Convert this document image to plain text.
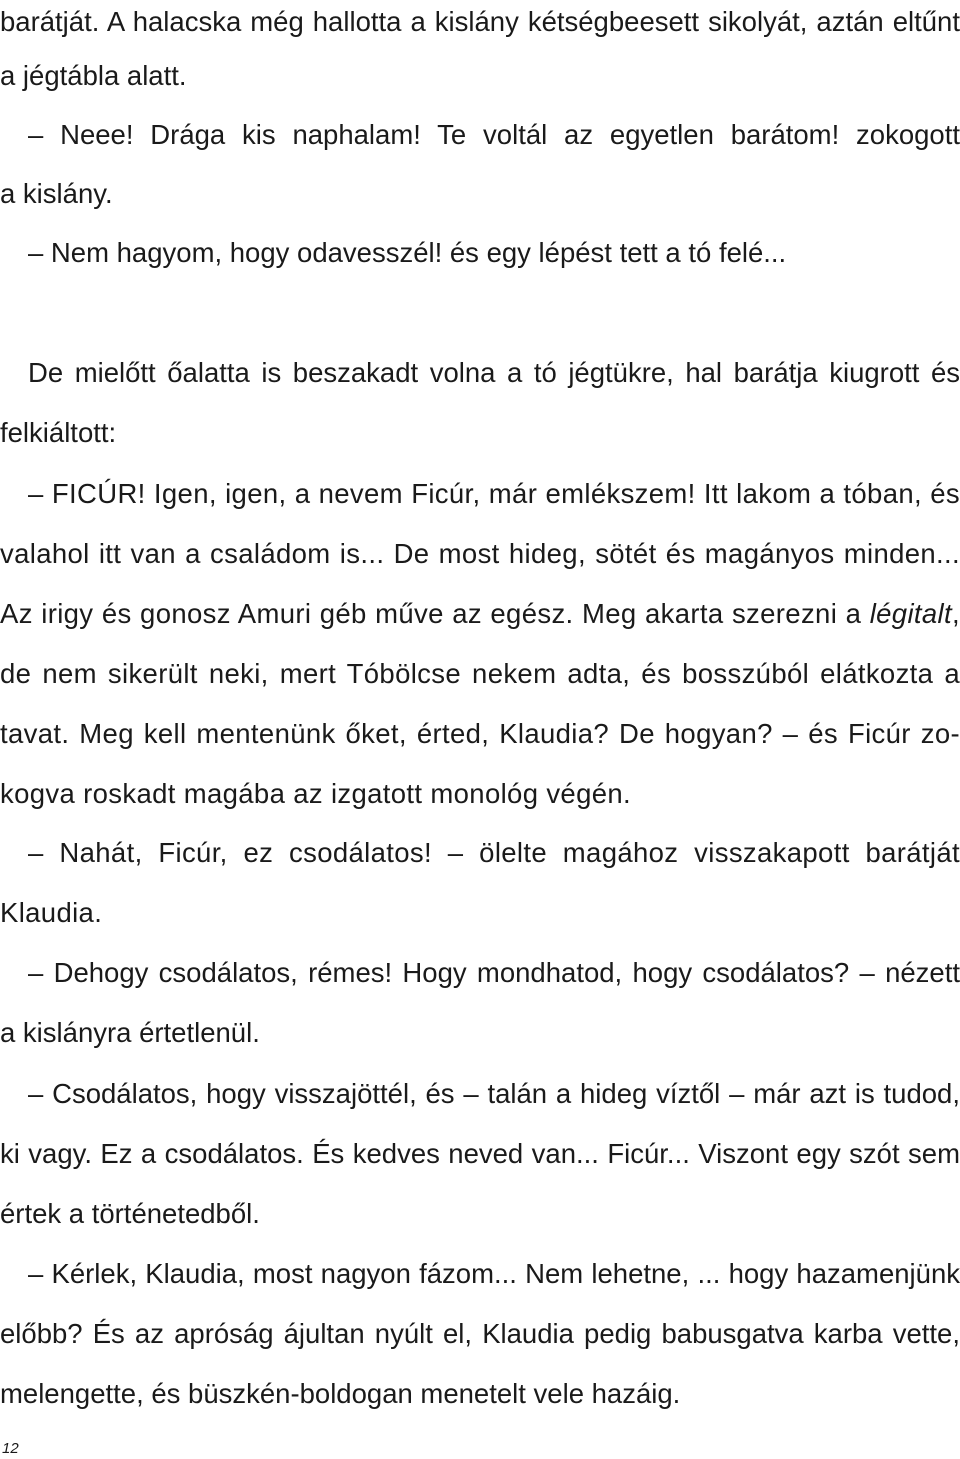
barátját. A halacska még hallotta a kislány kétségbeesett sikolyát, aztán eltűnt
a jégtábla alatt.
– Neee! Drága kis naphalam! Te voltál az egyetlen barátom! zokogott
a kislány.
– Nem hagyom, hogy odavesszél! és egy lépést tett a tó felé...
De mielőtt őalatta is beszakadt volna a tó jégtükre, hal barátja kiugrott és
felkiáltott:
– FICÚR! Igen, igen, a nevem Ficúr, már emlékszem! Itt lakom a tóban, és
valahol itt van a családom is... De most hideg, sötét és magányos minden...
Az irigy és gonosz Amuri géb műve az egész. Meg akarta szerezni a légitalt,
de nem sikerült neki, mert Tóbölcse nekem adta, és bosszúból elátkozta a
tavat. Meg kell mentenünk őket, érted, Klaudia? De hogyan? – és Ficúr zo-
kogva roskadt magába az izgatott monológ végén.
– Nahát, Ficúr, ez csodálatos! – ölelte magához visszakapott barátját
Klaudia.
– Dehogy csodálatos, rémes! Hogy mondhatod, hogy csodálatos? – nézett
a kislányra értetlenül.
– Csodálatos, hogy visszajöttél, és – talán a hideg víztől – már azt is tudod,
ki vagy. Ez a csodálatos. És kedves neved van... Ficúr... Viszont egy szót sem
értek a történetedből.
– Kérlek, Klaudia, most nagyon fázom... Nem lehetne, ... hogy hazamenjünk
előbb? És az apróság ájultan nyúlt el, Klaudia pedig babusgatva karba vette,
melengette, és büszkén-boldogan menetelt vele hazáig.
12
